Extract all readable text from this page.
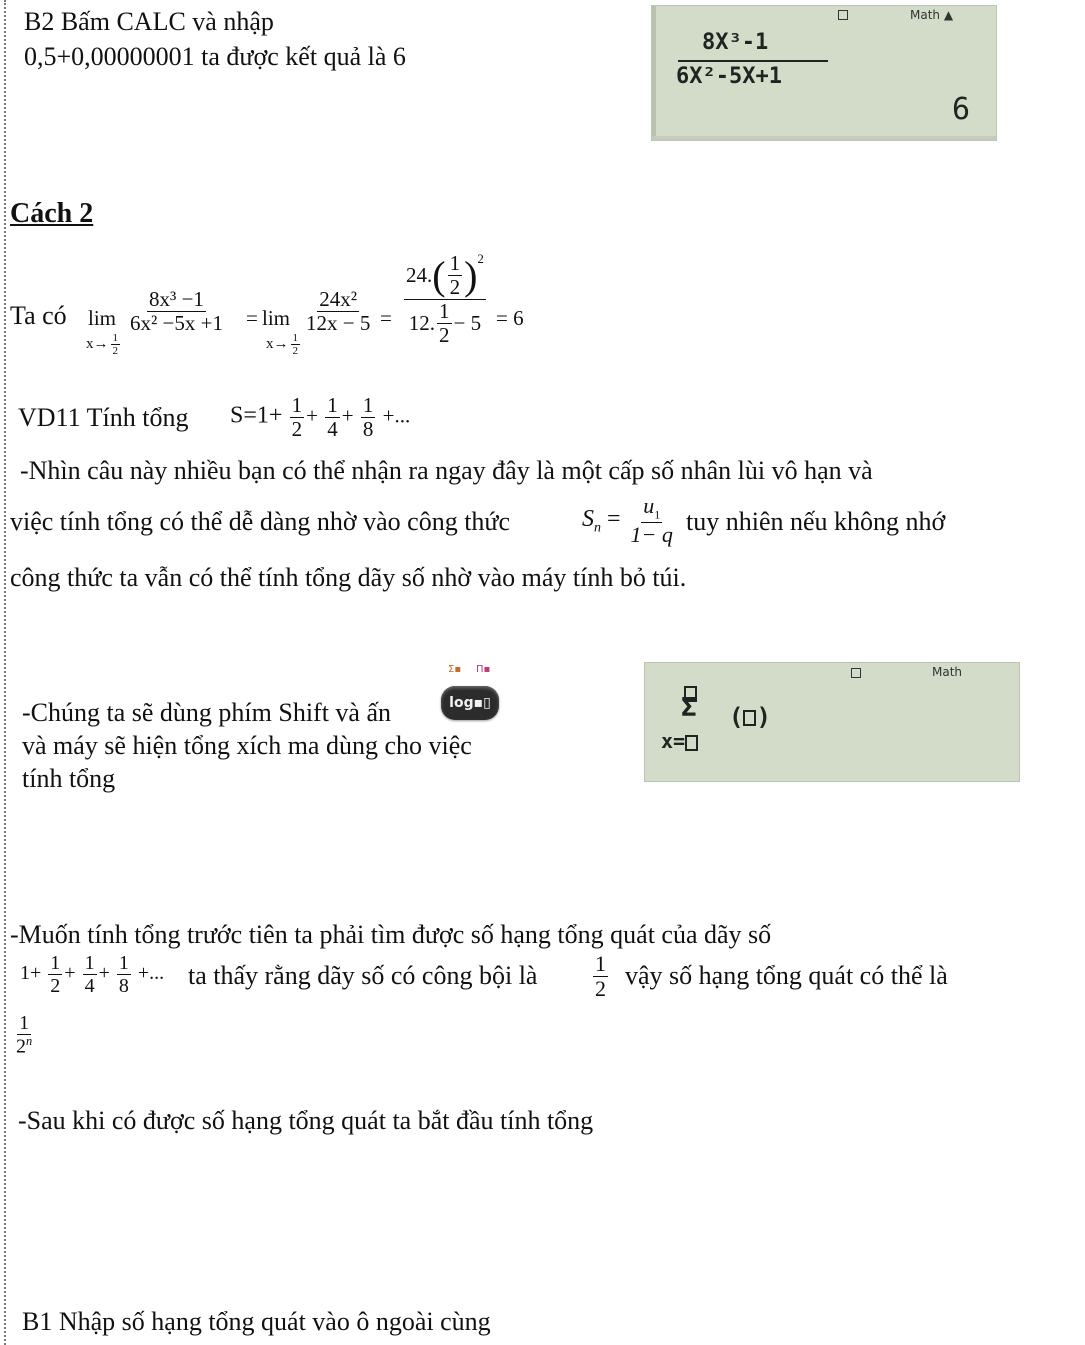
B2 Bấm CALC và nhập
0,5+0,00000001 ta được kết quả là 6
Math ▲
8X³-1
6X²-5X+1
6
Cách 2
Ta có lim
$x\to \frac{1}{2}$
$\frac{\text{8x³ −1}}{\text{6x² −5x +1}} = \lim$
$x\to \frac{1}{2}$
$\frac{\text{24x²}}{12x - 5} = \frac{24. ( \frac{1}{2} )^2}{12. \frac{1}{2} - 5} = 6$
VD11 Tính tổng $S=1+ \frac{1}{2} + \frac{1}{4} + \frac{1}{8}$ +...
-Nhìn câu này nhiều bạn có thể nhận ra ngay đây là một cấp số nhân lùi vô hạn và
việc tính tổng có thể dễ dàng nhờ vào công thức	$S_n = \frac{u_1}{1- q}$ tuy nhiên nếu không nhớ
công thức ta vẫn có thể tính tổng dãy số nhờ vào máy tính bỏ túi.
-Chúng ta sẽ dùng phím Shift và ấn
và máy sẽ hiện tổng xích ma dùng cho việc
tính tổng
Σ▪ Π▪
log▪▯
Math
Σ ( )
x=
-Muốn tính tổng trước tiên ta phải tìm được số hạng tổng quát của dãy số
$1+ \frac{1}{2} + \frac{1}{4} + \frac{1}{8}$ +... ta thấy rằng dãy số có công bội là	$\frac{1}{2}$ vậy số hạng tổng quát có thể là
$\frac{1}{2^n}$
-Sau khi có được số hạng tổng quát ta bắt đầu tính tổng
B1 Nhập số hạng tổng quát vào ô ngoài cùng
